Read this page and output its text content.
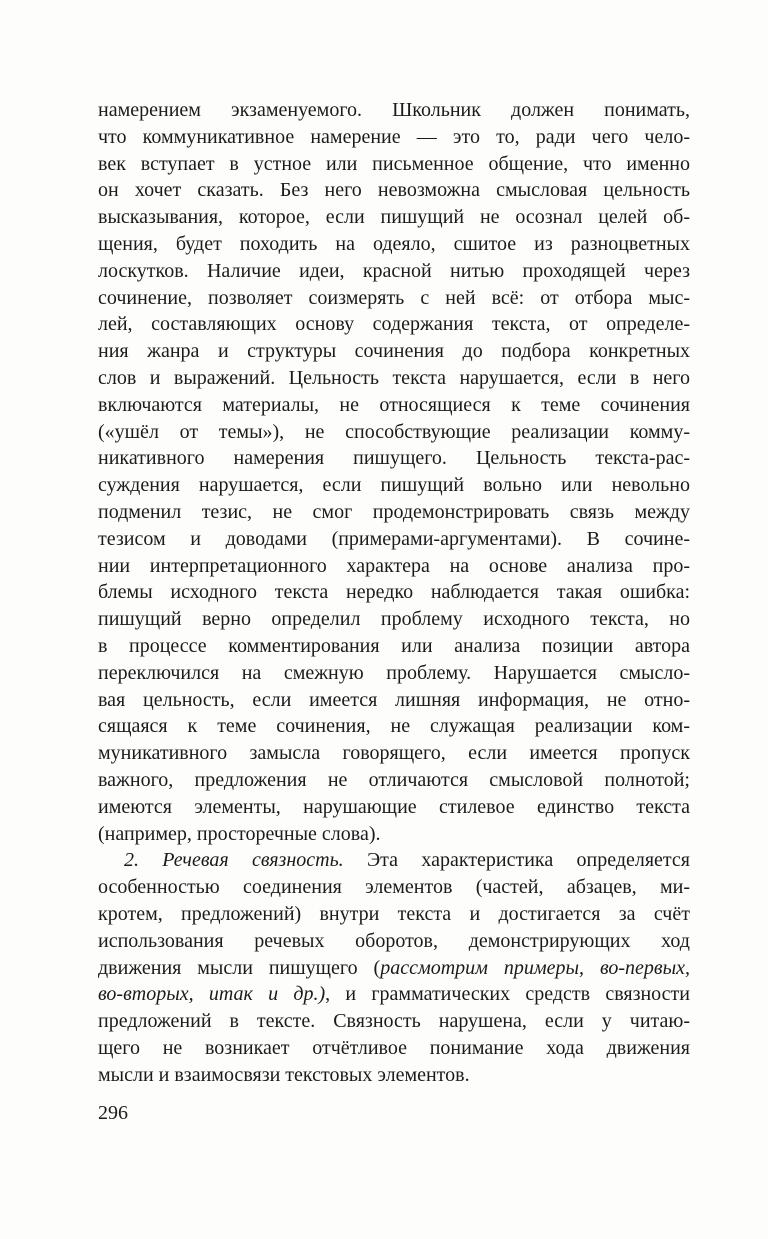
намерением экзаменуемого. Школьник должен понимать,
что коммуникативное намерение — это то, ради чего чело-
век вступает в устное или письменное общение, что именно
он хочет сказать. Без него невозможна смысловая цельность
высказывания, которое, если пишущий не осознал целей об-
щения, будет походить на одеяло, сшитое из разноцветных
лоскутков. Наличие идеи, красной нитью проходящей через
сочинение, позволяет соизмерять с ней всё: от отбора мыс-
лей, составляющих основу содержания текста, от определе-
ния жанра и структуры сочинения до подбора конкретных
слов и выражений. Цельность текста нарушается, если в него
включаются материалы, не относящиеся к теме сочинения
(«ушёл от темы»), не способствующие реализации комму-
никативного намерения пишущего. Цельность текста-рас-
суждения нарушается, если пишущий вольно или невольно
подменил тезис, не смог продемонстрировать связь между
тезисом и доводами (примерами-аргументами). В сочине-
нии интерпретационного характера на основе анализа про-
блемы исходного текста нередко наблюдается такая ошибка:
пишущий верно определил проблему исходного текста, но
в процессе комментирования или анализа позиции автора
переключился на смежную проблему. Нарушается смысло-
вая цельность, если имеется лишняя информация, не отно-
сящаяся к теме сочинения, не служащая реализации ком-
муникативного замысла говорящего, если имеется пропуск
важного, предложения не отличаются смысловой полнотой;
имеются элементы, нарушающие стилевое единство текста
(например, просторечные слова).
2. Речевая связность. Эта характеристика определяется
особенностью соединения элементов (частей, абзацев, ми-
кротем, предложений) внутри текста и достигается за счёт
использования речевых оборотов, демонстрирующих ход
движения мысли пишущего (рассмотрим примеры, во-первых,
во-вторых, итак и др.), и грамматических средств связности
предложений в тексте. Связность нарушена, если у читаю-
щего не возникает отчётливое понимание хода движения
мысли и взаимосвязи текстовых элементов.
296
